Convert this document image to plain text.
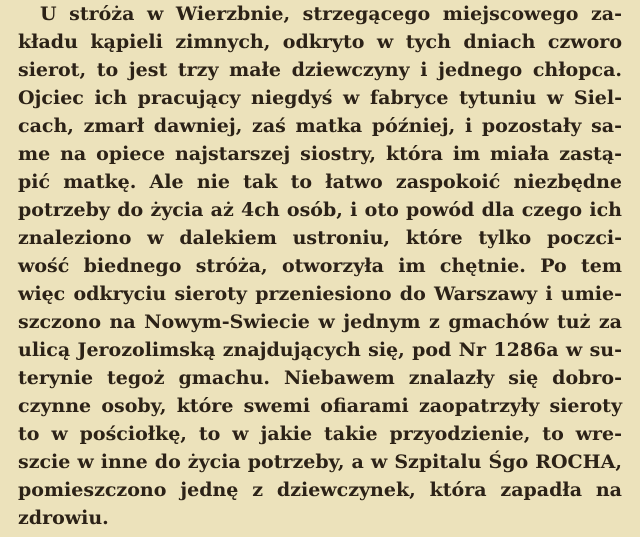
U stróża w Wierzbnie, strzegącego miejscowego za-
kładu kąpieli zimnych, odkryto w tych dniach czworo
sierot, to jest trzy małe dziewczyny i jednego chłopca.
Ojciec ich pracujący niegdyś w fabryce tytuniu w Siel-
cach, zmarł dawniej, zaś matka później, i pozostały sa-
me na opiece najstarszej siostry, która im miała zastą-
pić matkę. Ale nie tak to łatwo zaspokoić niezbędne
potrzeby do życia aż 4ch osób, i oto powód dla czego ich
znaleziono w dalekiem ustroniu, które tylko poczci-
wość biednego stróża, otworzyła im chętnie. Po tem
więc odkryciu sieroty przeniesiono do Warszawy i umie-
szczono na Nowym-Swiecie w jednym z gmachów tuż za
ulicą Jerozolimską znajdujących się, pod Nr 1286a w su-
terynie tegoż gmachu. Niebawem znalazły się dobro-
czynne osoby, które swemi ofiarami zaopatrzyły sieroty
to w pościołkę, to w jakie takie przyodzienie, to wre-
szcie w inne do życia potrzeby, a w Szpitalu Śgo ROCHA,
pomieszczono jednę z dziewczynek, która zapadła na
zdrowiu.
